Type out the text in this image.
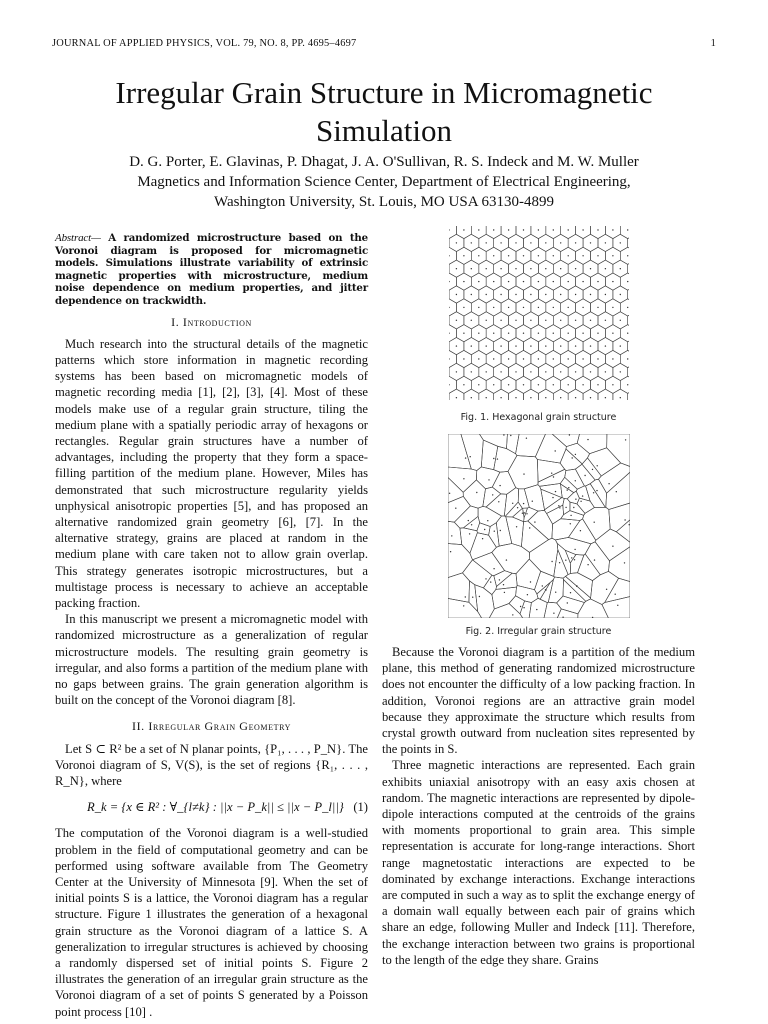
JOURNAL OF APPLIED PHYSICS, VOL. 79, NO. 8, PP. 4695–4697	1
Irregular Grain Structure in Micromagnetic Simulation
D. G. Porter, E. Glavinas, P. Dhagat, J. A. O'Sullivan, R. S. Indeck and M. W. Muller
Magnetics and Information Science Center, Department of Electrical Engineering,
Washington University, St. Louis, MO USA 63130-4899
Abstract— A randomized microstructure based on the Voronoi diagram is proposed for micromagnetic models. Simulations illustrate variability of extrinsic magnetic properties with microstructure, medium noise dependence on medium properties, and jitter dependence on trackwidth.
I. Introduction

Much research into the structural details of the magnetic patterns which store information in magnetic recording systems has been based on micromagnetic models of magnetic recording media [1], [2], [3], [4]. Most of these models make use of a regular grain structure, tiling the medium plane with a spatially periodic array of hexagons or rectangles. Regular grain structures have a number of advantages, including the property that they form a space-filling partition of the medium plane. However, Miles has demonstrated that such microstructure regularity yields unphysical anisotropic properties [5], and has proposed an alternative randomized grain geometry [6], [7]. In the alternative strategy, grains are placed at random in the medium plane with care taken not to allow grain overlap. This strategy generates isotropic microstructures, but a multistage process is necessary to achieve an acceptable packing fraction.

In this manuscript we present a micromagnetic model with randomized microstructure as a generalization of regular microstructure models. The resulting grain geometry is irregular, and also forms a partition of the medium plane with no gaps between grains. The grain generation algorithm is built on the concept of the Voronoi diagram [8].

II. Irregular Grain Geometry

Let S ⊂ R² be a set of N planar points, {P₁, . . . , P_N}. The Voronoi diagram of S, V(S), is the set of regions {R₁, . . . , R_N}, where

R_k = {x ∈ R² : ∀_{l≠k} : ||x − P_k|| ≤ ||x − P_l||} (1)

The computation of the Voronoi diagram is a well-studied problem in the field of computational geometry and can be performed using software available from The Geometry Center at the University of Minnesota [9]. When the set of initial points S is a lattice, the Voronoi diagram has a regular structure. Figure 1 illustrates the generation of a hexagonal grain structure as the Voronoi diagram of a lattice S. A generalization to irregular structures is achieved by choosing a randomly dispersed set of initial points S. Figure 2 illustrates the generation of an irregular grain structure as the Voronoi diagram of a set of points S generated by a Poisson point process [10] .

Fig. 1. Hexagonal grain structure
Fig. 2. Irregular grain structure

Because the Voronoi diagram is a partition of the medium plane, this method of generating randomized microstructure does not encounter the difficulty of a low packing fraction. In addition, Voronoi regions are an attractive grain model because they approximate the structure which results from crystal growth outward from nucleation sites represented by the points in S.

Three magnetic interactions are represented. Each grain exhibits uniaxial anisotropy with an easy axis chosen at random. The magnetic interactions are represented by dipole-dipole interactions computed at the centroids of the grains with moments proportional to grain area. This simple representation is accurate for long-range interactions. Short range magnetostatic interactions are expected to be dominated by exchange interactions. Exchange interactions are computed in such a way as to split the exchange energy of a domain wall equally between each pair of grains which share an edge, following Muller and Indeck [11]. Therefore, the exchange interaction between two grains is proportional to the length of the edge they share. Grains
